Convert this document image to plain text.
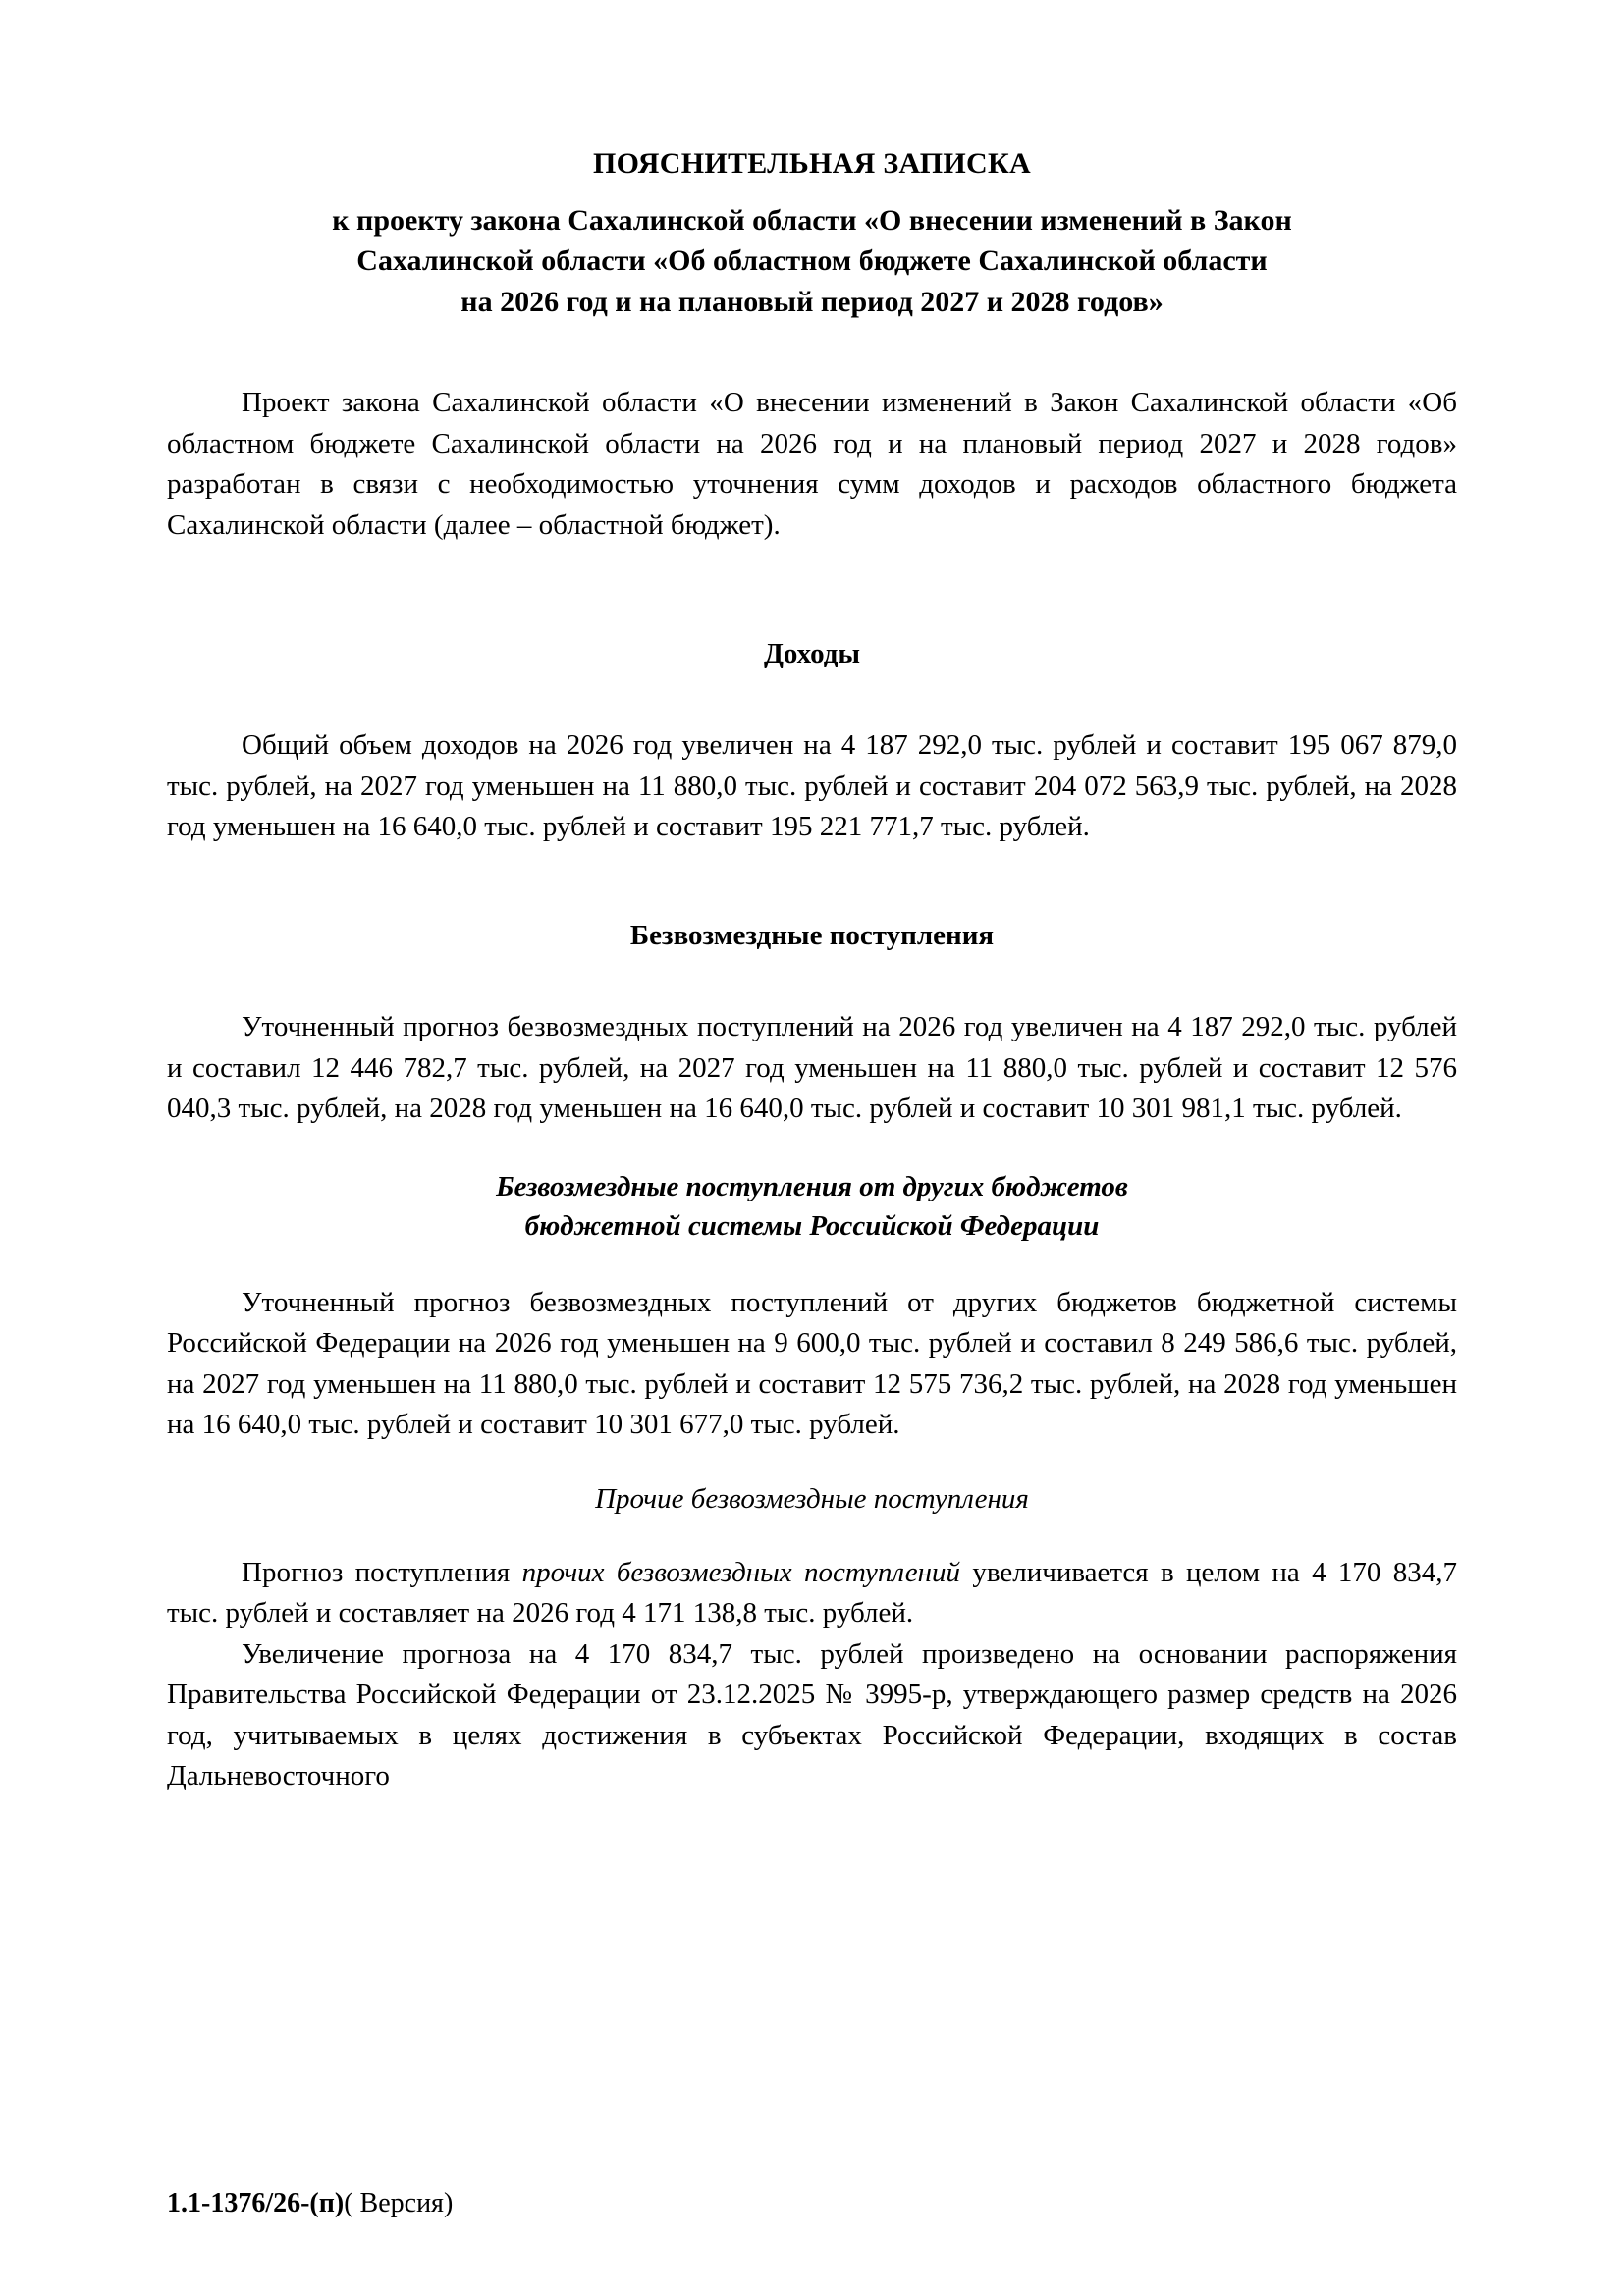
ПОЯСНИТЕЛЬНАЯ ЗАПИСКА
к проекту закона Сахалинской области «О внесении изменений в Закон
Сахалинской области «Об областном бюджете Сахалинской области
на 2026 год и на плановый период 2027 и 2028 годов»

Проект закона Сахалинской области «О внесении изменений в Закон Сахалинской области «Об областном бюджете Сахалинской области на 2026 год и на плановый период 2027 и 2028 годов» разработан в связи с необходимостью уточнения сумм доходов и расходов областного бюджета Сахалинской области (далее – областной бюджет).

Доходы

Общий объем доходов на 2026 год увеличен на 4 187 292,0 тыс. рублей и составит 195 067 879,0 тыс. рублей, на 2027 год уменьшен на 11 880,0 тыс. рублей и составит 204 072 563,9 тыс. рублей, на 2028 год уменьшен на 16 640,0 тыс. рублей и составит 195 221 771,7 тыс. рублей.

Безвозмездные поступления

Уточненный прогноз безвозмездных поступлений на 2026 год увеличен на 4 187 292,0 тыс. рублей и составил 12 446 782,7 тыс. рублей, на 2027 год уменьшен на 11 880,0 тыс. рублей и составит 12 576 040,3 тыс. рублей, на 2028 год уменьшен на 16 640,0 тыс. рублей и составит 10 301 981,1 тыс. рублей.

Безвозмездные поступления от других бюджетов
бюджетной системы Российской Федерации

Уточненный прогноз безвозмездных поступлений от других бюджетов бюджетной системы Российской Федерации на 2026 год уменьшен на 9 600,0 тыс. рублей и составил 8 249 586,6 тыс. рублей, на 2027 год уменьшен на 11 880,0 тыс. рублей и составит 12 575 736,2 тыс. рублей, на 2028 год уменьшен на 16 640,0 тыс. рублей и составит 10 301 677,0 тыс. рублей.

Прочие безвозмездные поступления

Прогноз поступления прочих безвозмездных поступлений увеличивается в целом на 4 170 834,7 тыс. рублей и составляет на 2026 год 4 171 138,8 тыс. рублей.

Увеличение прогноза на 4 170 834,7 тыс. рублей произведено на основании распоряжения Правительства Российской Федерации от 23.12.2025 № 3995-р, утверждающего размер средств на 2026 год, учитываемых в целях достижения в субъектах Российской Федерации, входящих в состав Дальневосточного

1.1-1376/26-(п)( Версия)
